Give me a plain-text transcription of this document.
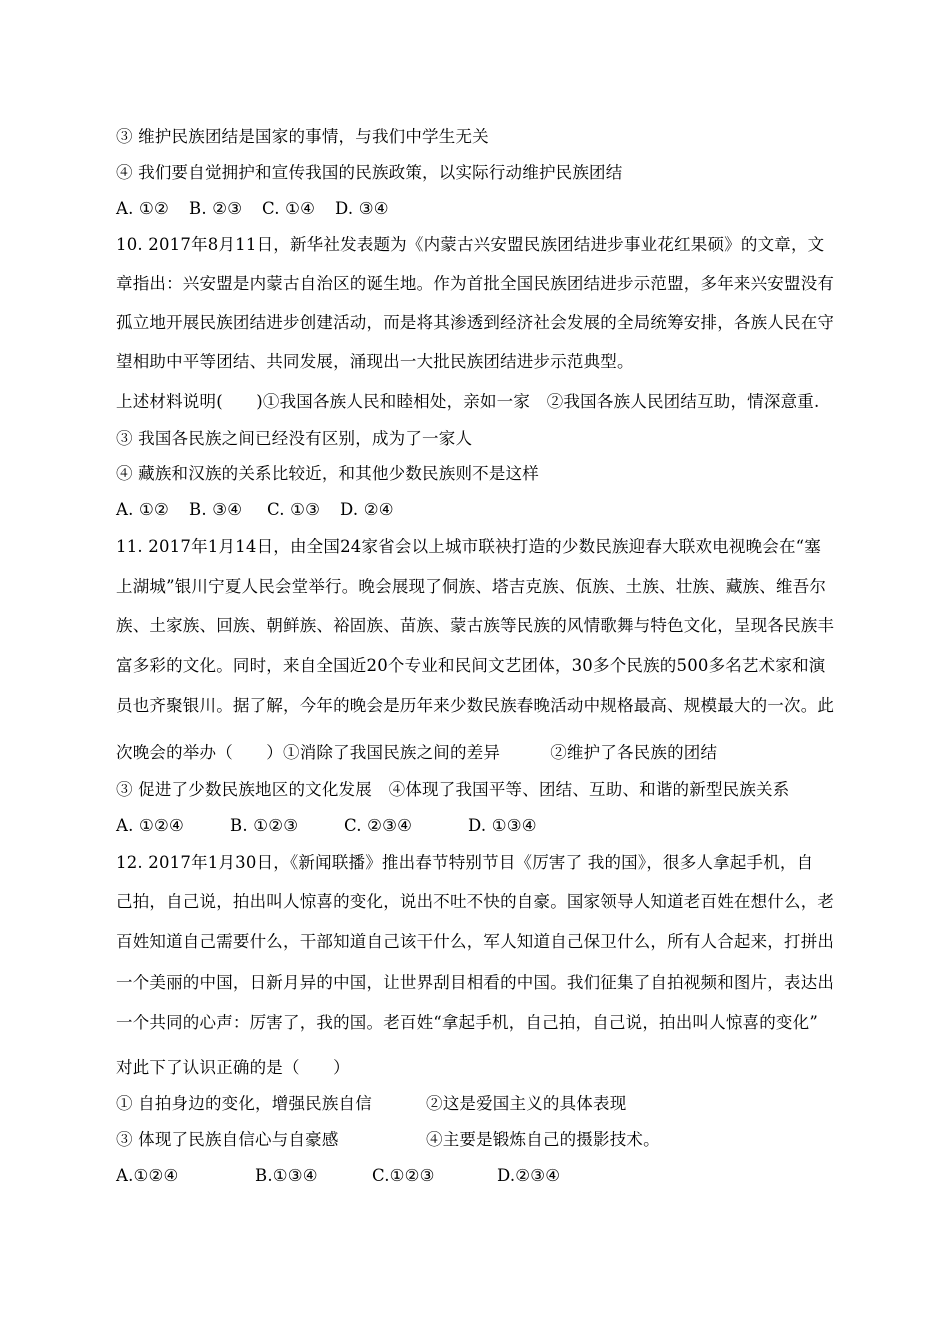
③ 维护民族团结是国家的事情，与我们中学生无关
④ 我们要自觉拥护和宣传我国的民族政策，以实际行动维护民族团结
A. ①② B. ②③ C. ①④ D. ③④
10. 2017年8月11日，新华社发表题为《内蒙古兴安盟民族团结进步事业花红果硕》的文章，文
章指出：兴安盟是内蒙古自治区的诞生地。作为首批全国民族团结进步示范盟，多年来兴安盟没有
孤立地开展民族团结进步创建活动，而是将其渗透到经济社会发展的全局统筹安排，各族人民在守
望相助中平等团结、共同发展，涌现出一大批民族团结进步示范典型。
上述材料说明(　　)①我国各族人民和睦相处，亲如一家　②我国各族人民团结互助，情深意重.
③ 我国各民族之间已经没有区别，成为了一家人
④ 藏族和汉族的关系比较近，和其他少数民族则不是这样
A. ①② B. ③④ C. ①③ D. ②④
11. 2017年1月14日，由全国24家省会以上城市联袂打造的少数民族迎春大联欢电视晚会在“塞
上湖城”银川宁夏人民会堂举行。晚会展现了侗族、塔吉克族、佤族、土族、壮族、藏族、维吾尔
族、土家族、回族、朝鲜族、裕固族、苗族、蒙古族等民族的风情歌舞与特色文化，呈现各民族丰
富多彩的文化。同时，来自全国近20个专业和民间文艺团体，30多个民族的500多名艺术家和演
员也齐聚银川。据了解，今年的晚会是历年来少数民族春晚活动中规格最高、规模最大的一次。此
次晚会的举办（　　）①消除了我国民族之间的差异　　　②维护了各民族的团结
③ 促进了少数民族地区的文化发展　④体现了我国平等、团结、互助、和谐的新型民族关系
A. ①②④	B. ①②③	C. ②③④	D. ①③④
12. 2017年1月30日，《新闻联播》推出春节特别节目《厉害了 我的国》，很多人拿起手机，自
己拍，自己说，拍出叫人惊喜的变化，说出不吐不快的自豪。国家领导人知道老百姓在想什么，老
百姓知道自己需要什么，干部知道自己该干什么，军人知道自己保卫什么，所有人合起来，打拼出
一个美丽的中国，日新月异的中国，让世界刮目相看的中国。我们征集了自拍视频和图片，表达出
一个共同的心声：厉害了，我的国。老百姓“拿起手机，自己拍，自己说，拍出叫人惊喜的变化”
对此下了认识正确的是（　　）
① 自拍身边的变化，增强民族自信	②这是爱国主义的具体表现
③ 体现了民族自信心与自豪感	④主要是锻炼自己的摄影技术。
A.①②④	B.①③④	C.①②③	D.②③④
